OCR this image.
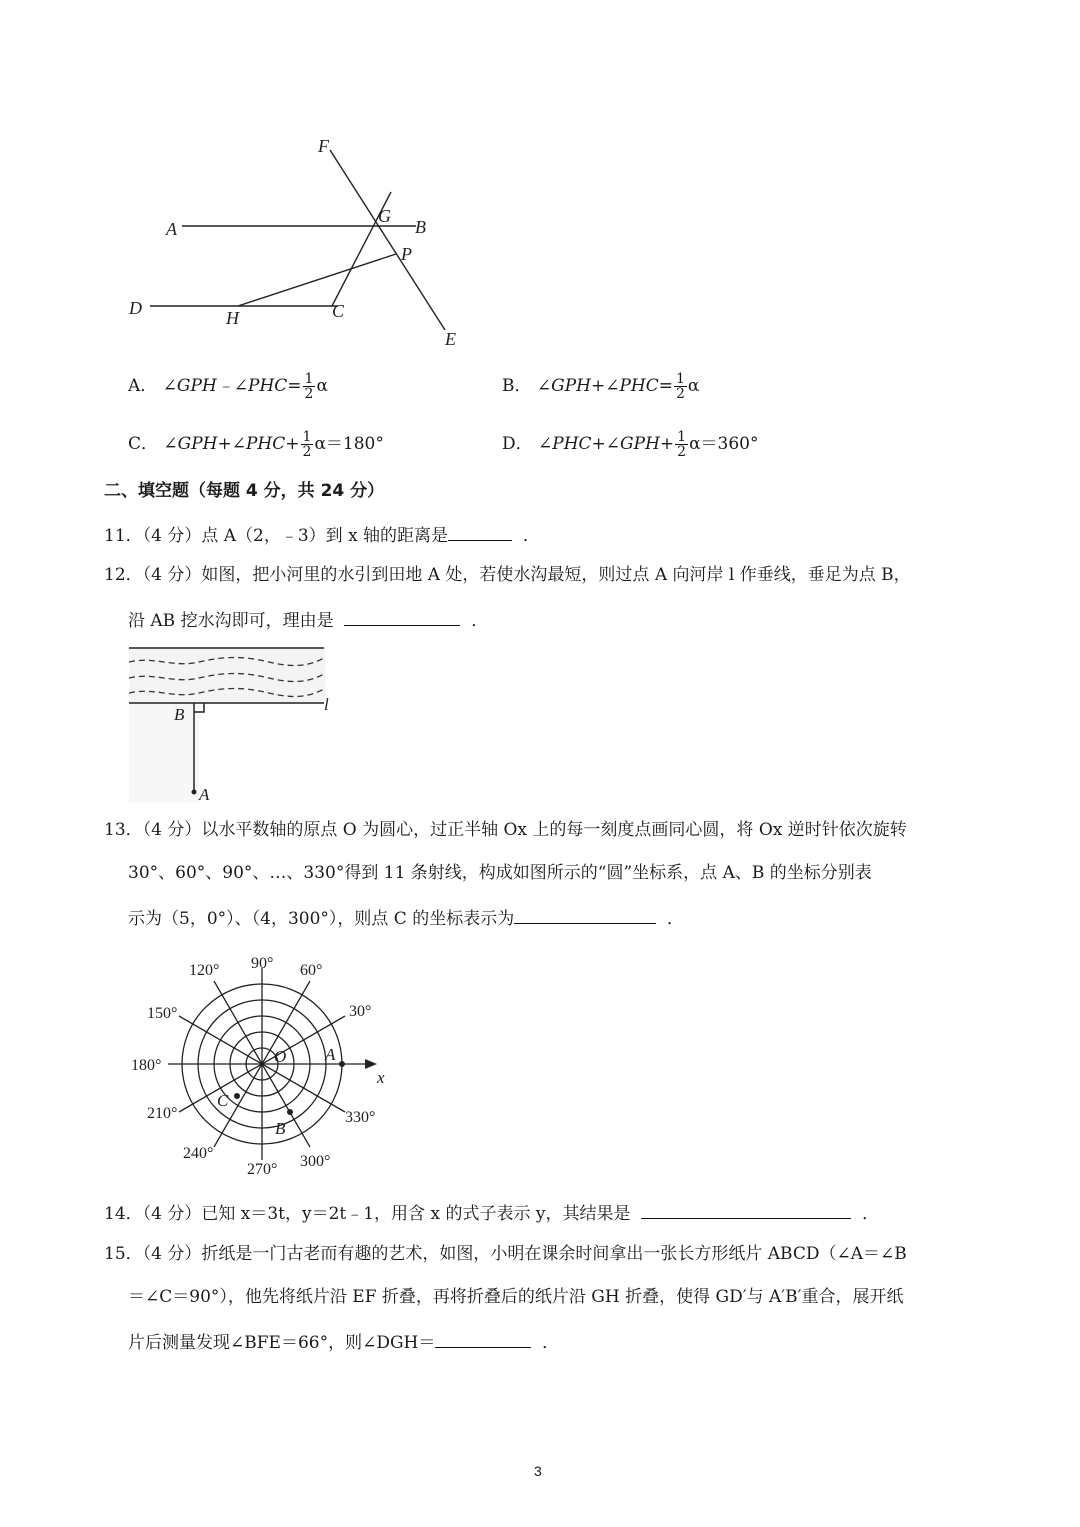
F
G
B
A
P
D	H	C
E
A． ∠GPH﹣∠PHC= $\frac{1}{2}$ α	B． ∠GPH+∠PHC= $\frac{1}{2}$ α
C． ∠GPH+∠PHC+ $\frac{1}{2} \alpha=180^\circ$	D． ∠PHC+∠GPH+ $\frac{1}{2} \alpha=360^\circ$
二、填空题（每题 4 分，共 24 分）
11．（4 分）点 A（2，﹣3）到 x 轴的距离是	．
12．（4 分）如图，把小河里的水引到田地 A 处，若使水沟最短，则过点 A 向河岸 l 作垂线，垂足为点 B，
沿 AB 挖水沟即可，理由是	．
B
l
A
13．（4 分）以水平数轴的原点 O 为圆心，过正半轴 Ox 上的每一刻度点画同心圆，将 Ox 逆时针依次旋转
30°、60°、90°、…、330°得到 11 条射线，构成如图所示的“圆”坐标系，点 A、B 的坐标分别表
示为（5，0°）、（4，300°），则点 C 的坐标表示为	．
90°
120°	60°
150°	30°
180°
210°	330°
240°
270° 300°
O A
B
C
x
14．（4 分）已知 x＝3t，y＝2t﹣1，用含 x 的式子表示 y，其结果是	．
15．（4 分）折纸是一门古老而有趣的艺术，如图，小明在课余时间拿出一张长方形纸片 ABCD（∠A＝∠B
＝∠C＝90°），他先将纸片沿 EF 折叠，再将折叠后的纸片沿 GH 折叠，使得 GD′与 A′B′重合，展开纸
片后测量发现∠BFE＝66°，则∠DGH＝	．
3
